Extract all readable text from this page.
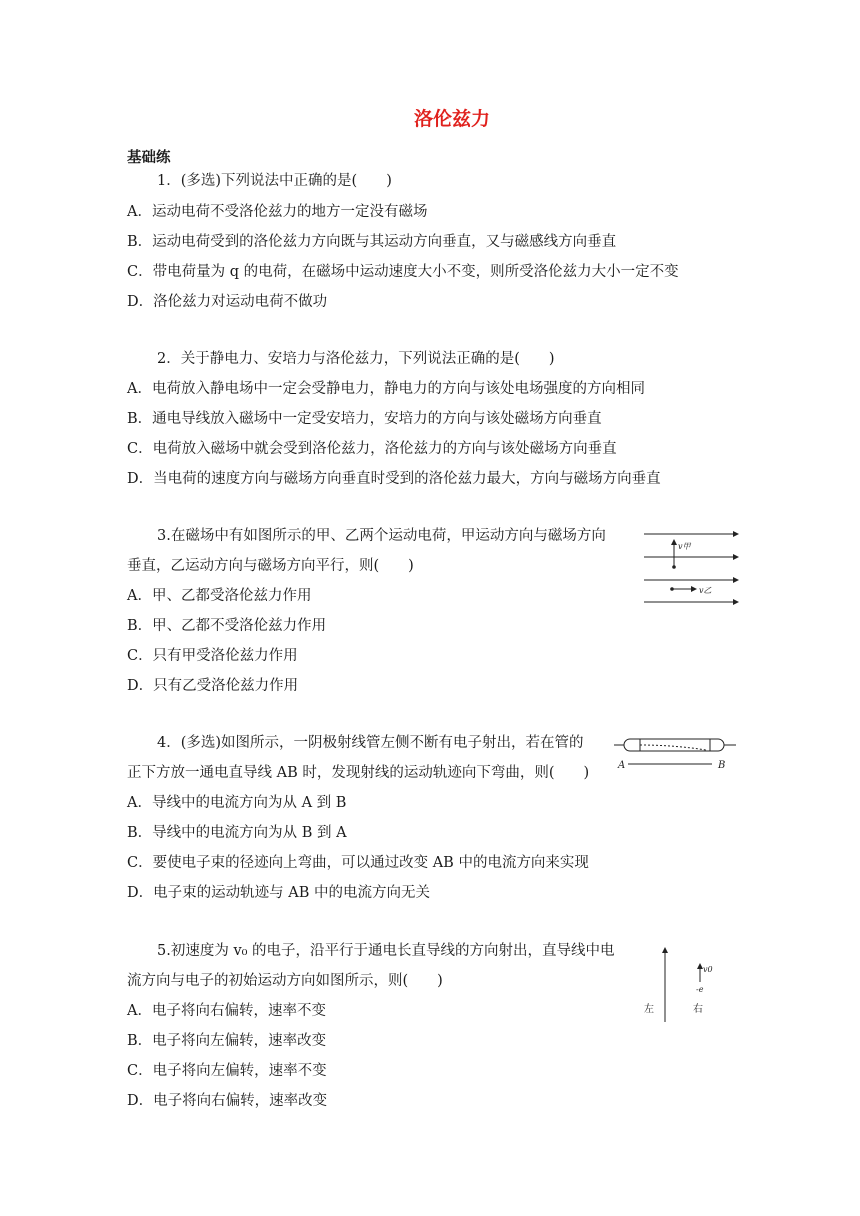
洛伦兹力
基础练
1．(多选)下列说法中正确的是(　　)
A．运动电荷不受洛伦兹力的地方一定没有磁场
B．运动电荷受到的洛伦兹力方向既与其运动方向垂直，又与磁感线方向垂直
C．带电荷量为 q 的电荷，在磁场中运动速度大小不变，则所受洛伦兹力大小一定不变
D．洛伦兹力对运动电荷不做功
2．关于静电力、安培力与洛伦兹力，下列说法正确的是(　　)
A．电荷放入静电场中一定会受静电力，静电力的方向与该处电场强度的方向相同
B．通电导线放入磁场中一定受安培力，安培力的方向与该处磁场方向垂直
C．电荷放入磁场中就会受到洛伦兹力，洛伦兹力的方向与该处磁场方向垂直
D．当电荷的速度方向与磁场方向垂直时受到的洛伦兹力最大，方向与磁场方向垂直
3.在磁场中有如图所示的甲、乙两个运动电荷，甲运动方向与磁场方向
垂直，乙运动方向与磁场方向平行，则(　　)
A．甲、乙都受洛伦兹力作用
B．甲、乙都不受洛伦兹力作用
C．只有甲受洛伦兹力作用
D．只有乙受洛伦兹力作用
v甲
v乙
4．(多选)如图所示，一阴极射线管左侧不断有电子射出，若在管的
正下方放一通电直导线 AB 时，发现射线的运动轨迹向下弯曲，则(　　)
A．导线中的电流方向为从 A 到 B
B．导线中的电流方向为从 B 到 A
C．要使电子束的径迹向上弯曲，可以通过改变 AB 中的电流方向来实现
D．电子束的运动轨迹与 AB 中的电流方向无关
A	B
5.初速度为 v₀ 的电子，沿平行于通电长直导线的方向射出，直导线中电
流方向与电子的初始运动方向如图所示，则(　　)
A．电子将向右偏转，速率不变
B．电子将向左偏转，速率改变
C．电子将向左偏转，速率不变
D．电子将向右偏转，速率改变
v0
-e
左	右
